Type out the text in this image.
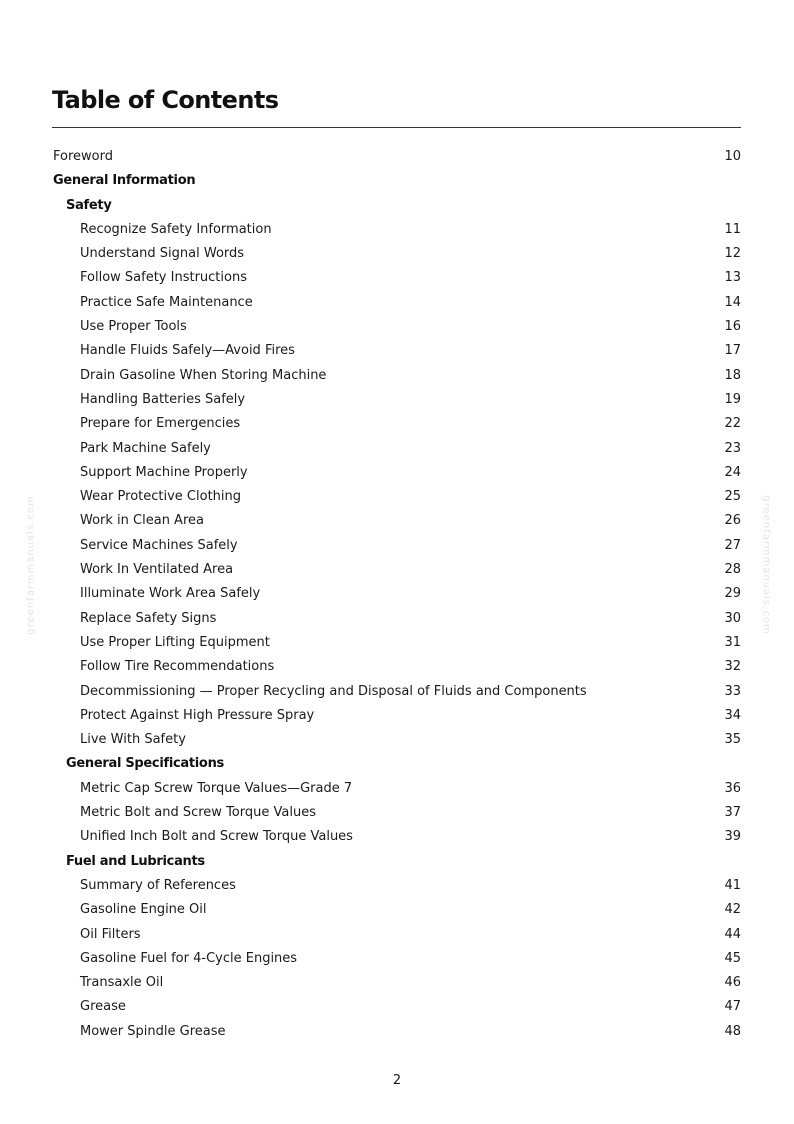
Table of Contents
Foreword	10
General Information
Safety
Recognize Safety Information	11
Understand Signal Words	12
Follow Safety Instructions	13
Practice Safe Maintenance	14
Use Proper Tools	16
Handle Fluids Safely—Avoid Fires	17
Drain Gasoline When Storing Machine	18
Handling Batteries Safely	19
Prepare for Emergencies	22
Park Machine Safely	23
Support Machine Properly	24
Wear Protective Clothing	25
Work in Clean Area	26
Service Machines Safely	27
Work In Ventilated Area	28
Illuminate Work Area Safely	29
Replace Safety Signs	30
Use Proper Lifting Equipment	31
Follow Tire Recommendations	32
Decommissioning — Proper Recycling and Disposal of Fluids and Components	33
Protect Against High Pressure Spray	34
Live With Safety	35
General Specifications
Metric Cap Screw Torque Values—Grade 7	36
Metric Bolt and Screw Torque Values	37
Unified Inch Bolt and Screw Torque Values	39
Fuel and Lubricants
Summary of References	41
Gasoline Engine Oil	42
Oil Filters	44
Gasoline Fuel for 4-Cycle Engines	45
Transaxle Oil	46
Grease	47
Mower Spindle Grease	48
greenfarmmanuals.com	greenfarmmanuals.com
2
